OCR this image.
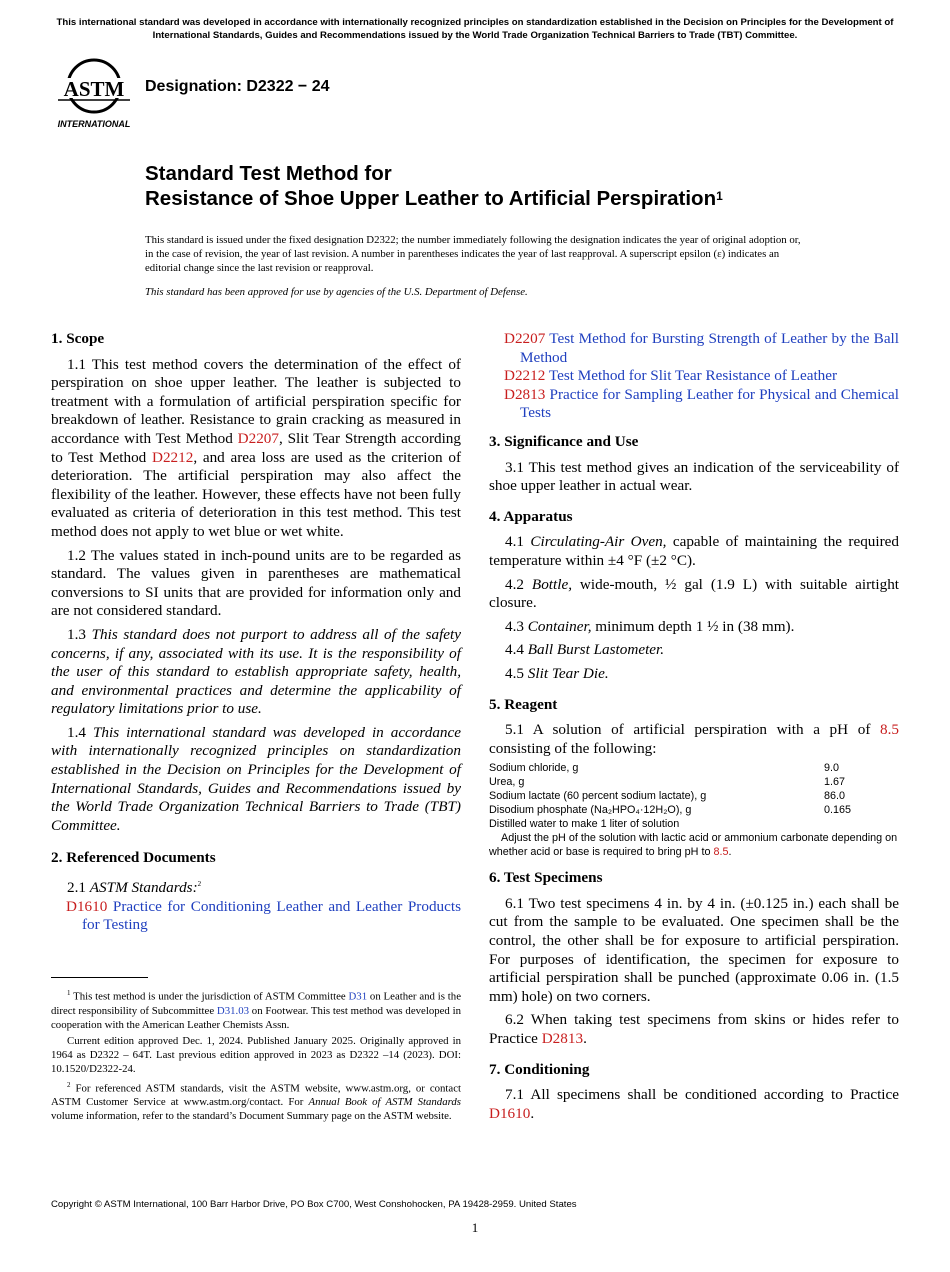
This international standard was developed in accordance with internationally recognized principles on standardization established in the Decision on Principles for the Development of International Standards, Guides and Recommendations issued by the World Trade Organization Technical Barriers to Trade (TBT) Committee.
ASTM
INTERNATIONAL
Designation: D2322 − 24
Standard Test Method for
Resistance of Shoe Upper Leather to Artificial Perspiration$^1$
This standard is issued under the fixed designation D2322; the number immediately following the designation indicates the year of original adoption or, in the case of revision, the year of last revision. A number in parentheses indicates the year of last reapproval. A superscript epsilon (ε) indicates an editorial change since the last revision or reapproval.
This standard has been approved for use by agencies of the U.S. Department of Defense.
1. Scope
1.1 This test method covers the determination of the effect of perspiration on shoe upper leather. The leather is subjected to treatment with a formulation of artificial perspiration specific for breakdown of leather. Resistance to grain cracking as measured in accordance with Test Method D2207, Slit Tear Strength according to Test Method D2212, and area loss are used as the criterion of deterioration. The artificial perspiration may also affect the flexibility of the leather. However, these effects have not been fully evaluated as criteria of deterioration in this test method. This test method does not apply to wet blue or wet white.
1.2 The values stated in inch-pound units are to be regarded as standard. The values given in parentheses are mathematical conversions to SI units that are provided for information only and are not considered standard.
1.3 This standard does not purport to address all of the safety concerns, if any, associated with its use. It is the responsibility of the user of this standard to establish appropriate safety, health, and environmental practices and determine the applicability of regulatory limitations prior to use.
1.4 This international standard was developed in accordance with internationally recognized principles on standardization established in the Decision on Principles for the Development of International Standards, Guides and Recommendations issued by the World Trade Organization Technical Barriers to Trade (TBT) Committee.
2. Referenced Documents
2.1 ASTM Standards:$^2$
D1610 Practice for Conditioning Leather and Leather Products for Testing

$^1$ This test method is under the jurisdiction of ASTM Committee D31 on Leather and is the direct responsibility of Subcommittee D31.03 on Footwear. This test method was developed in cooperation with the American Leather Chemists Assn.

Current edition approved Dec. 1, 2024. Published January 2025. Originally approved in 1964 as D2322 – 64T. Last previous edition approved in 2023 as D2322 –14 (2023). DOI: 10.1520/D2322-24.

$^2$ For referenced ASTM standards, visit the ASTM website, www.astm.org, or contact ASTM Customer Service at www.astm.org/contact. For Annual Book of ASTM Standards volume information, refer to the standard’s Document Summary page on the ASTM website.

D2207 Test Method for Bursting Strength of Leather by the Ball Method
D2212 Test Method for Slit Tear Resistance of Leather
D2813 Practice for Sampling Leather for Physical and Chemical Tests
3. Significance and Use
3.1 This test method gives an indication of the serviceability of shoe upper leather in actual wear.
4. Apparatus
4.1 Circulating-Air Oven, capable of maintaining the required temperature within ±4 °F (±2 °C).
4.2 Bottle, wide-mouth, ½ gal (1.9 L) with suitable airtight closure.
4.3 Container, minimum depth 1 ½ in (38 mm).
4.4 Ball Burst Lastometer.
4.5 Slit Tear Die.
5. Reagent
5.1 A solution of artificial perspiration with a pH of 8.5 consisting of the following:
Sodium chloride, g	9.0
Urea, g	1.67
Sodium lactate (60 percent sodium lactate), g	86.0
Disodium phosphate (Na₂HPO₄·12H₂O), g	0.165
Distilled water to make 1 liter of solution	
Adjust the pH of the solution with lactic acid or ammonium carbonate depending on whether acid or base is required to bring pH to 8.5.
6. Test Specimens
6.1 Two test specimens 4 in. by 4 in. (±0.125 in.) each shall be cut from the sample to be evaluated. One specimen shall be the control, the other shall be for exposure to artificial perspiration. For purposes of identification, the specimen for exposure to artificial perspiration shall be punched (approximate 0.06 in. (1.5 mm) hole) on two corners.
6.2 When taking test specimens from skins or hides refer to Practice D2813.
7. Conditioning
7.1 All specimens shall be conditioned according to Practice D1610.
Copyright © ASTM International, 100 Barr Harbor Drive, PO Box C700, West Conshohocken, PA 19428-2959. United States
1
